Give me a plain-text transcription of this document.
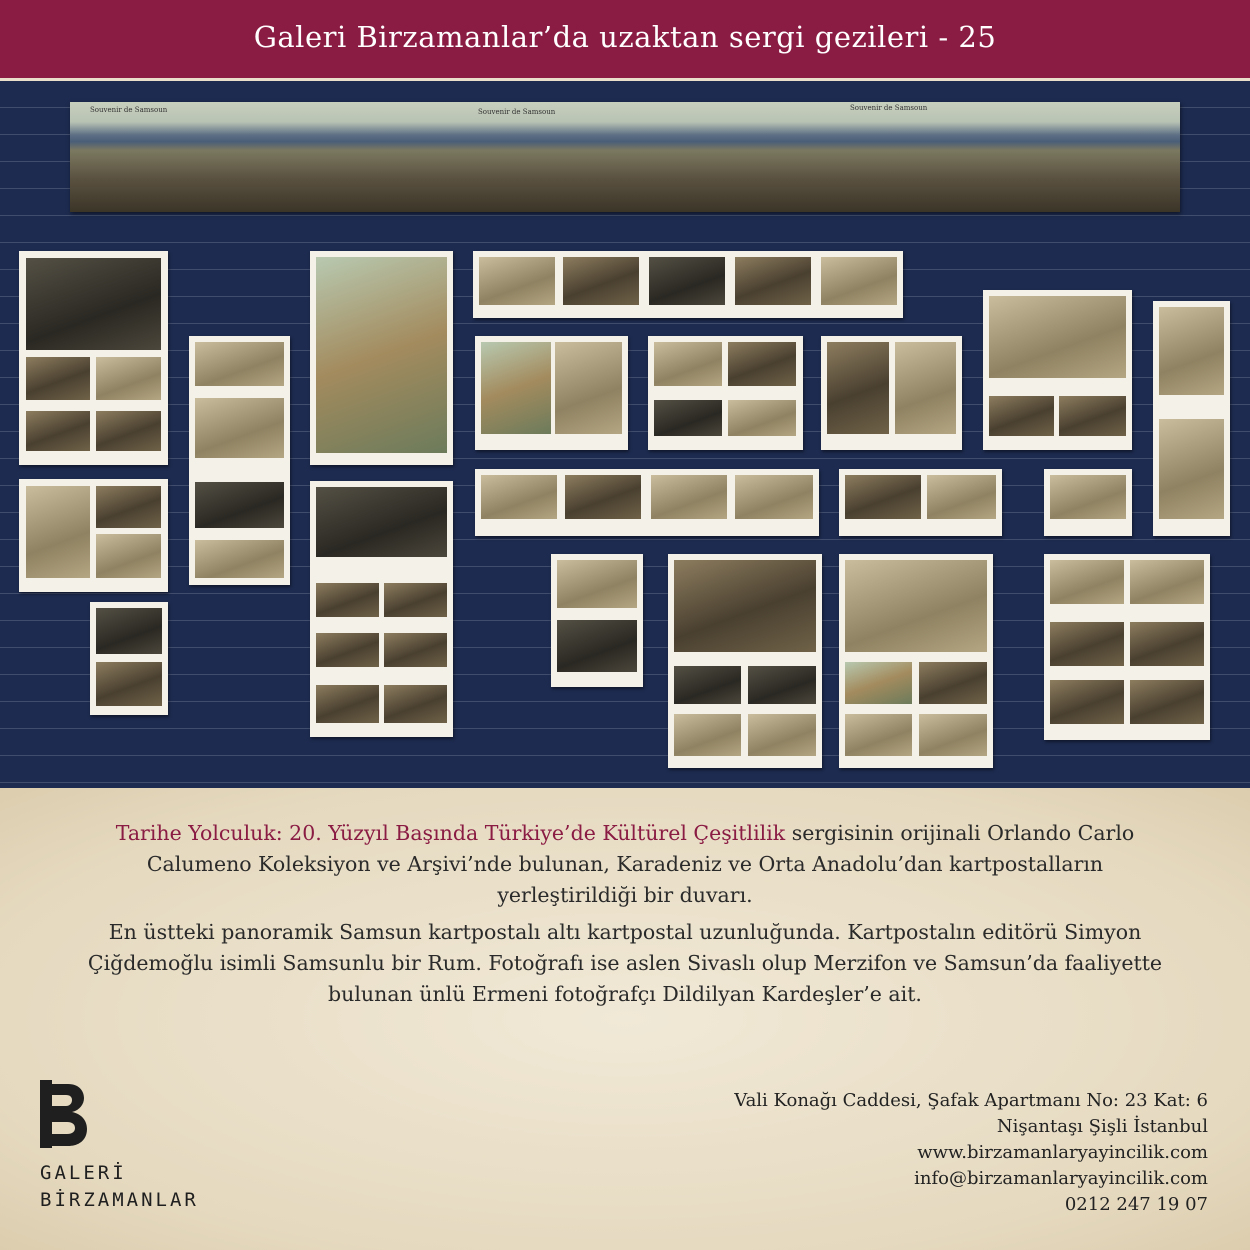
Galeri Birzamanlar’da uzaktan sergi gezileri - 25
Souvenir de Samsoun	Souvenir de Samsoun	Souvenir de Samsoun

Tarihe Yolculuk: 20. Yüzyıl Başında Türkiye’de Kültürel Çeşitlilik sergisinin orijinali Orlando Carlo Calumeno Koleksiyon ve Arşivi’nde bulunan, Karadeniz ve Orta Anadolu’dan kartpostalların yerleştirildiği bir duvarı.

En üstteki panoramik Samsun kartpostalı altı kartpostal uzunluğunda. Kartpostalın editörü Simyon Çiğdemoğlu isimli Samsunlu bir Rum. Fotoğrafı ise aslen Sivaslı olup Merzifon ve Samsun’da faaliyette bulunan ünlü Ermeni fotoğrafçı Dildilyan Kardeşler’e ait.

GALERİ
BİRZAMANLAR
Vali Konağı Caddesi, Şafak Apartmanı No: 23 Kat: 6
Nişantaşı Şişli İstanbul
www.birzamanlaryayincilik.com
info@birzamanlaryayincilik.com
0212 247 19 07
